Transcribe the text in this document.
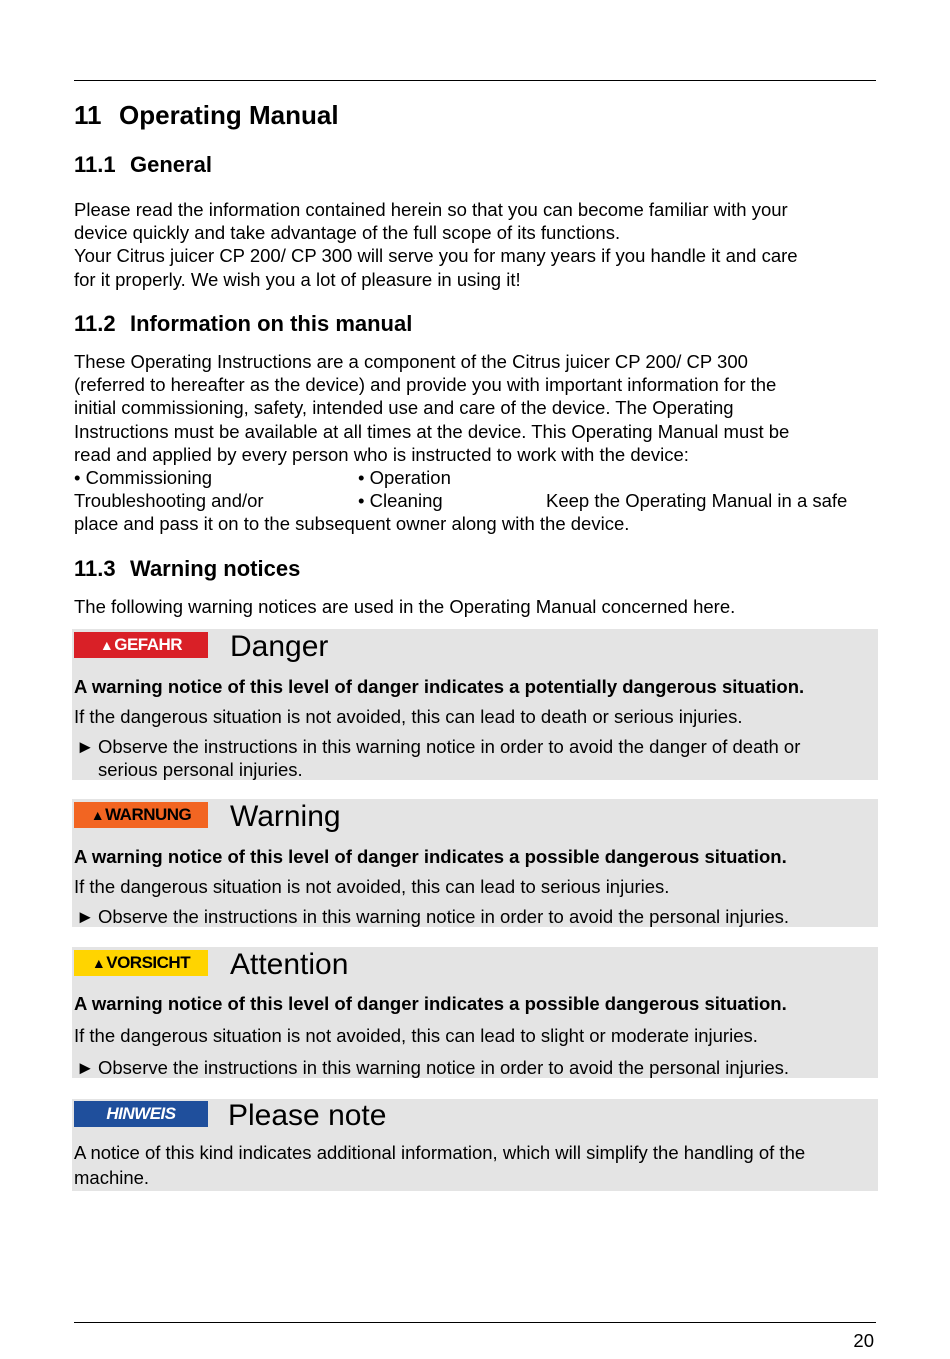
11 Operating Manual
11.1 General

Please read the information contained herein so that you can become familiar with your

device quickly and take advantage of the full scope of its functions.

Your Citrus juicer CP 200/ CP 300 will serve you for many years if you handle it and care

for it properly. We wish you a lot of pleasure in using it!

11.2 Information on this manual

These Operating Instructions are a component of the Citrus juicer CP 200/ CP 300

(referred to hereafter as the device) and provide you with important information for the

initial commissioning, safety, intended use and care of the device. The Operating

Instructions must be available at all times at the device. This Operating Manual must be

read and applied by every person who is instructed to work with the device:

• Commissioning	• Operation
Troubleshooting and/or	• Cleaning	Keep the Operating Manual in a safe

place and pass it on to the subsequent owner along with the device.

11.3 Warning notices
The following warning notices are used in the Operating Manual concerned here.
▲GEFAHR	Danger
A warning notice of this level of danger indicates a potentially dangerous situation.
If the dangerous situation is not avoided, this can lead to death or serious injuries.
► Observe the instructions in this warning notice in order to avoid the danger of death or
serious personal injuries.
▲WARNUNG	Warning
A warning notice of this level of danger indicates a possible dangerous situation.
If the dangerous situation is not avoided, this can lead to serious injuries.
► Observe the instructions in this warning notice in order to avoid the personal injuries.
▲VORSICHT	Attention
A warning notice of this level of danger indicates a possible dangerous situation.
If the dangerous situation is not avoided, this can lead to slight or moderate injuries.
► Observe the instructions in this warning notice in order to avoid the personal injuries.
HINWEIS	Please note
A notice of this kind indicates additional information, which will simplify the handling of the
machine.
20
